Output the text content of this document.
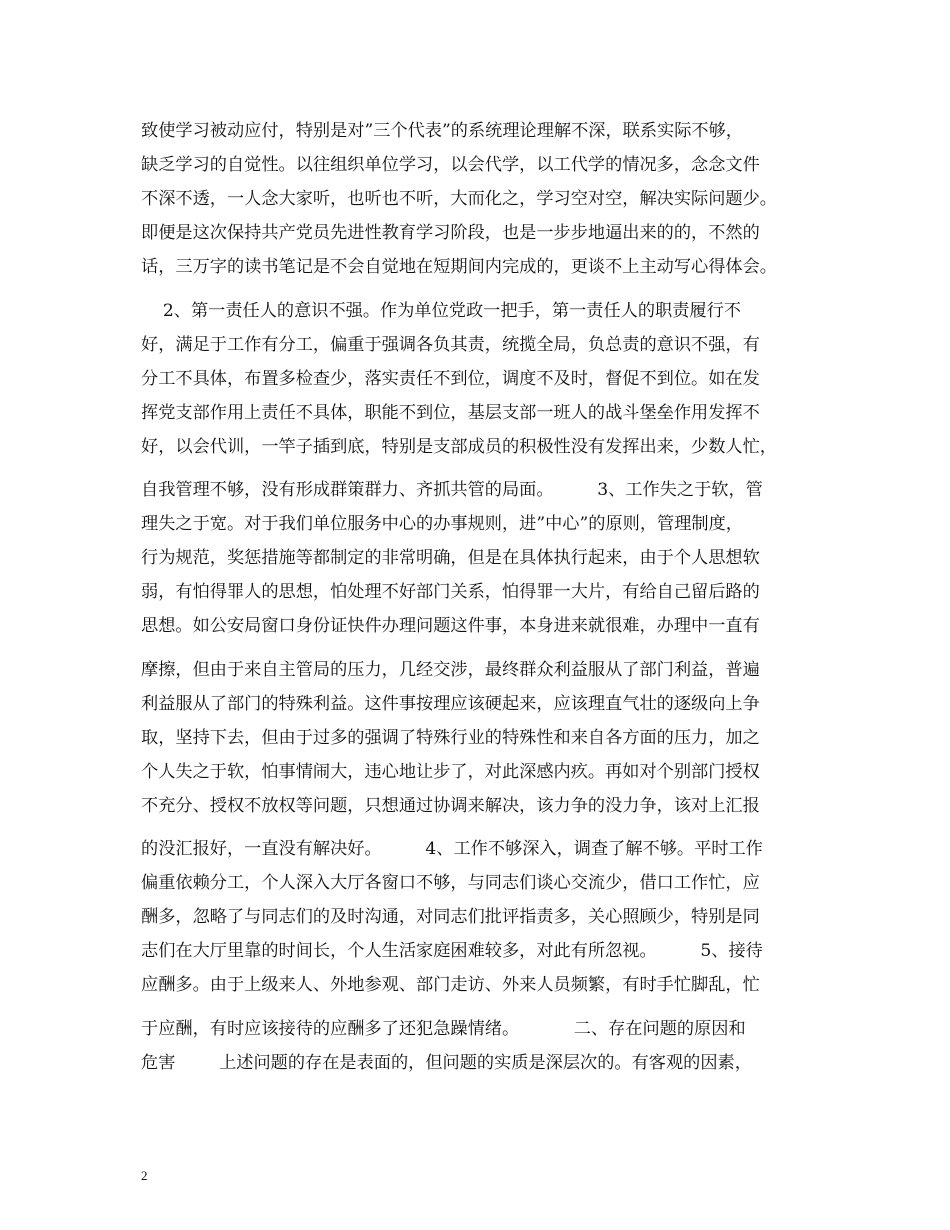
致使学习被动应付，特别是对”三个代表”的系统理论理解不深，联系实际不够，
缺乏学习的自觉性。以往组织单位学习，以会代学，以工代学的情况多，念念文件
不深不透，一人念大家听，也听也不听，大而化之，学习空对空，解决实际问题少。
即便是这次保持共产党员先进性教育学习阶段，也是一步步地逼出来的的，不然的
话，三万字的读书笔记是不会自觉地在短期间内完成的，更谈不上主动写心得体会。
2、第一责任人的意识不强。作为单位党政一把手，第一责任人的职责履行不
好，满足于工作有分工，偏重于强调各负其责，统揽全局，负总责的意识不强，有
分工不具体，布置多检查少，落实责任不到位，调度不及时，督促不到位。如在发
挥党支部作用上责任不具体，职能不到位，基层支部一班人的战斗堡垒作用发挥不
好，以会代训，一竿子插到底，特别是支部成员的积极性没有发挥出来，少数人忙，
自我管理不够，没有形成群策群力、齐抓共管的局面。        3、工作失之于软，管
理失之于宽。对于我们单位服务中心的办事规则，进”中心”的原则，管理制度，
行为规范，奖惩措施等都制定的非常明确，但是在具体执行起来，由于个人思想软
弱，有怕得罪人的思想，怕处理不好部门关系，怕得罪一大片，有给自己留后路的
思想。如公安局窗口身份证快件办理问题这件事，本身进来就很难，办理中一直有
摩擦，但由于来自主管局的压力，几经交涉，最终群众利益服从了部门利益，普遍
利益服从了部门的特殊利益。这件事按理应该硬起来，应该理直气壮的逐级向上争
取，坚持下去，但由于过多的强调了特殊行业的特殊性和来自各方面的压力，加之
个人失之于软，怕事情闹大，违心地让步了，对此深感内疚。再如对个别部门授权
不充分、授权不放权等问题，只想通过协调来解决，该力争的没力争，该对上汇报
的没汇报好，一直没有解决好。        4、工作不够深入，调查了解不够。平时工作
偏重依赖分工，个人深入大厅各窗口不够，与同志们谈心交流少，借口工作忙，应
酬多，忽略了与同志们的及时沟通，对同志们批评指责多，关心照顾少，特别是同
志们在大厅里靠的时间长，个人生活家庭困难较多，对此有所忽视。        5、接待
应酬多。由于上级来人、外地参观、部门走访、外来人员频繁，有时手忙脚乱，忙
于应酬，有时应该接待的应酬多了还犯急躁情绪。          二、存在问题的原因和
危害        上述问题的存在是表面的，但问题的实质是深层次的。有客观的因素，
2
